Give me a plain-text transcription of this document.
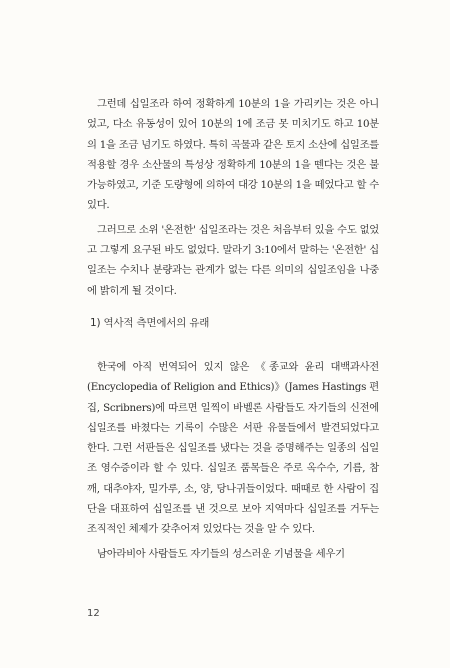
그런데 십일조라 하여 정확하게 10분의 1을 가리키는 것은 아니었고, 다소 유동성이 있어 10분의 1에 조금 못 미치기도 하고 10분의 1을 조금 넘기도 하였다. 특히 곡물과 같은 토지 소산에 십일조를 적용할 경우 소산물의 특성상 정확하게 10분의 1을 뗀다는 것은 불가능하였고, 기준 도량형에 의하여 대강 10분의 1을 떼었다고 할 수 있다.

그러므로 소위 '온전한' 십일조라는 것은 처음부터 있을 수도 없었고 그렇게 요구된 바도 없었다. 말라기 3:10에서 말하는 '온전한' 십일조는 수치나 분량과는 관계가 없는 다른 의미의 십일조임을 나중에 밝히게 될 것이다.

1) 역사적 측면에서의 유래

한국에 아직 번역되어 있지 않은 《종교와 윤리 대백과사전(Encyclopedia of Religion and Ethics)》(James Hastings 편집, Scribners)에 따르면 일찍이 바벨론 사람들도 자기들의 신전에 십일조를 바쳤다는 기록이 수많은 서판 유물들에서 발견되었다고 한다. 그런 서판들은 십일조를 냈다는 것을 증명해주는 일종의 십일조 영수증이라 할 수 있다. 십일조 품목들은 주로 옥수수, 기름, 참깨, 대추야자, 밀가루, 소, 양, 당나귀들이었다. 때때로 한 사람이 집단을 대표하여 십일조를 낸 것으로 보아 지역마다 십일조를 거두는 조직적인 체제가 갖추어져 있었다는 것을 알 수 있다.

남아라비아 사람들도 자기들의 성스러운 기념물을 세우기

12
